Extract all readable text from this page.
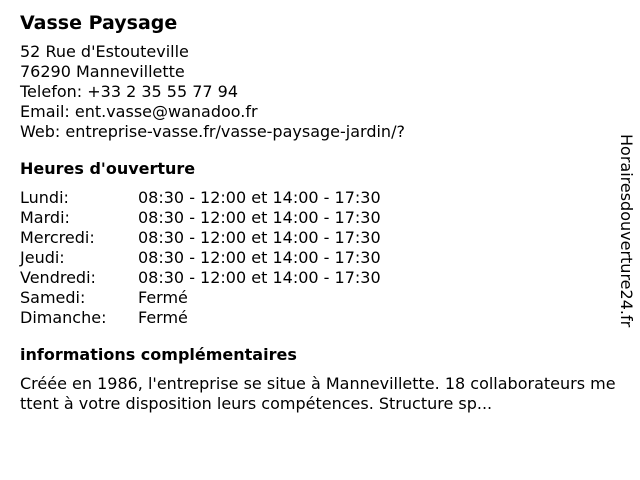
Vasse Paysage
52 Rue d'Estouteville
76290 Mannevillette
Telefon: +33 2 35 55 77 94
Email: ent.vasse@wanadoo.fr
Web: entreprise-vasse.fr/vasse-paysage-jardin/?
Heures d'ouverture
Lundi:	08:30 - 12:00 et 14:00 - 17:30
Mardi:	08:30 - 12:00 et 14:00 - 17:30
Mercredi:	08:30 - 12:00 et 14:00 - 17:30
Jeudi:	08:30 - 12:00 et 14:00 - 17:30
Vendredi:	08:30 - 12:00 et 14:00 - 17:30
Samedi:	Fermé
Dimanche:	Fermé
informations complémentaires
Créée en 1986, l'entreprise se situe à Mannevillette. 18 collaborateurs mettent à votre disposition leurs compétences. Structure sp...
Horairesdouverture24.fr
